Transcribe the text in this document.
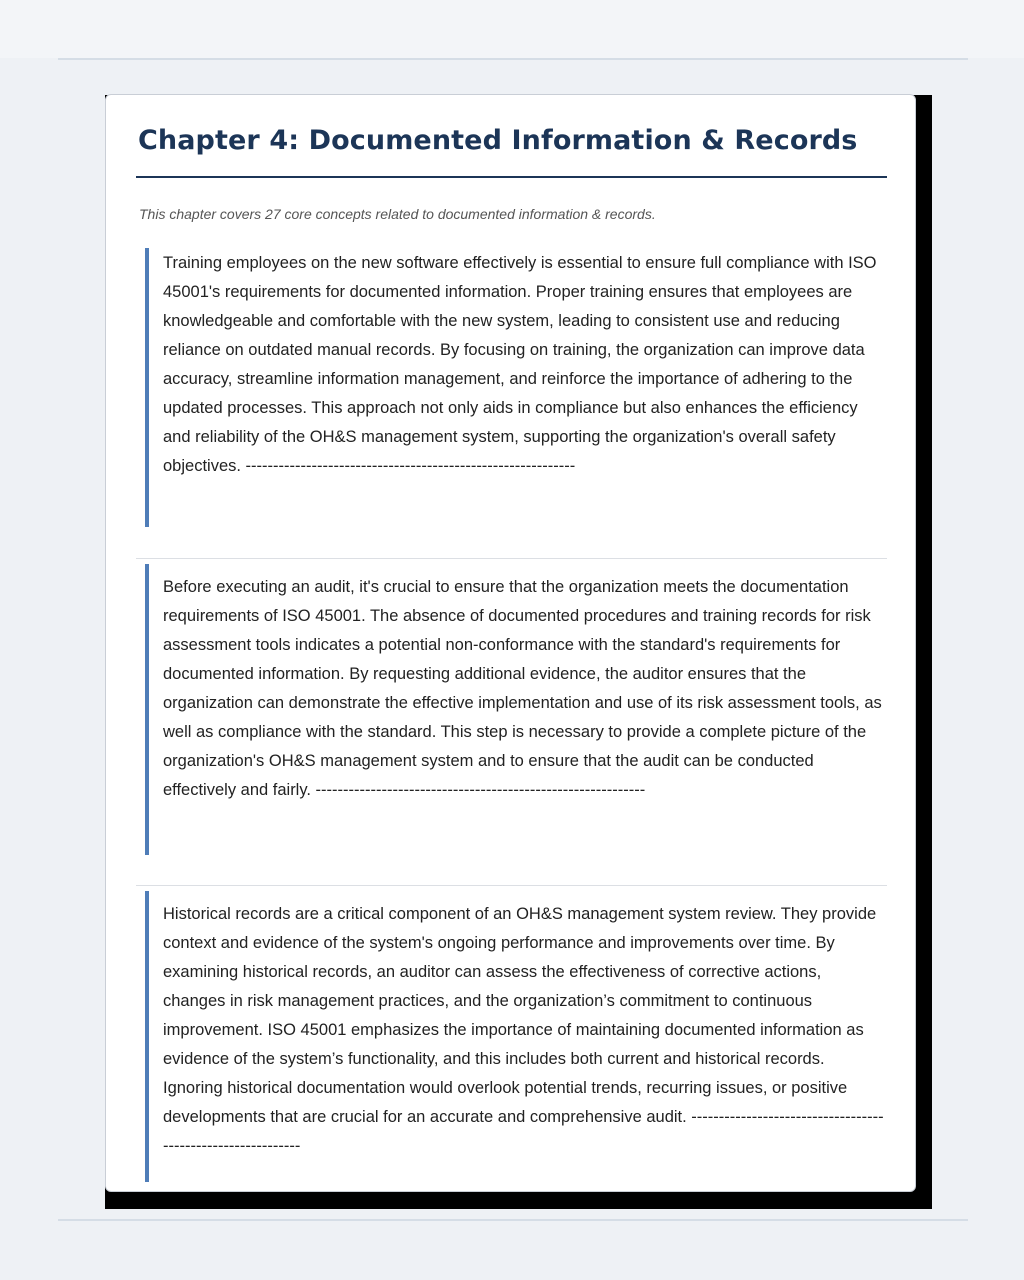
Chapter 4: Documented Information & Records

This chapter covers 27 core concepts related to documented information & records.

Training employees on the new software effectively is essential to ensure full compliance with ISO 45001's requirements for documented information. Proper training ensures that employees are knowledgeable and comfortable with the new system, leading to consistent use and reducing reliance on outdated manual records. By focusing on training, the organization can improve data accuracy, streamline information management, and reinforce the importance of adhering to the updated processes. This approach not only aids in compliance but also enhances the efficiency and reliability of the OH&S management system, supporting the organization's overall safety objectives. ------------------------------------------------------------

Before executing an audit, it's crucial to ensure that the organization meets the documentation requirements of ISO 45001. The absence of documented procedures and training records for risk assessment tools indicates a potential non-conformance with the standard's requirements for documented information. By requesting additional evidence, the auditor ensures that the organization can demonstrate the effective implementation and use of its risk assessment tools, as well as compliance with the standard. This step is necessary to provide a complete picture of the organization's OH&S management system and to ensure that the audit can be conducted effectively and fairly. ------------------------------------------------------------

Historical records are a critical component of an OH&S management system review. They provide context and evidence of the system's ongoing performance and improvements over time. By examining historical records, an auditor can assess the effectiveness of corrective actions, changes in risk management practices, and the organization’s commitment to continuous improvement. ISO 45001 emphasizes the importance of maintaining documented information as evidence of the system’s functionality, and this includes both current and historical records. Ignoring historical documentation would overlook potential trends, recurring issues, or positive developments that are crucial for an accurate and comprehensive audit. ------------------------------------------------------------
